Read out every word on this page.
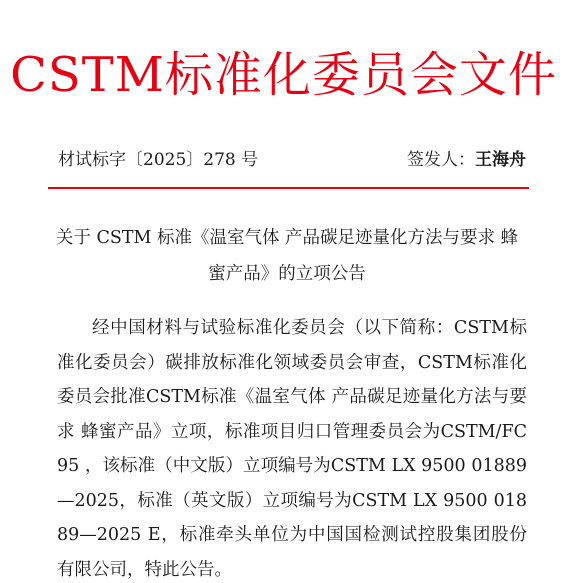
CSTM标准化委员会文件
材试标字〔2025〕278 号	签发人：王海舟
关于 CSTM 标准《温室气体 产品碳足迹量化方法与要求 蜂蜜产品》的立项公告
经中国材料与试验标准化委员会（以下简称：CSTM标准化委员会）碳排放标准化领域委员会审查，CSTM标准化委员会批准CSTM标准《温室气体 产品碳足迹量化方法与要求 蜂蜜产品》立项，标准项目归口管理委员会为CSTM/FC95 ，该标准（中文版）立项编号为CSTM LX 9500 01889—2025，标准（英文版）立项编号为CSTM LX 9500 01889—2025 E，标准牵头单位为中国国检测试控股集团股份有限公司，特此公告。
